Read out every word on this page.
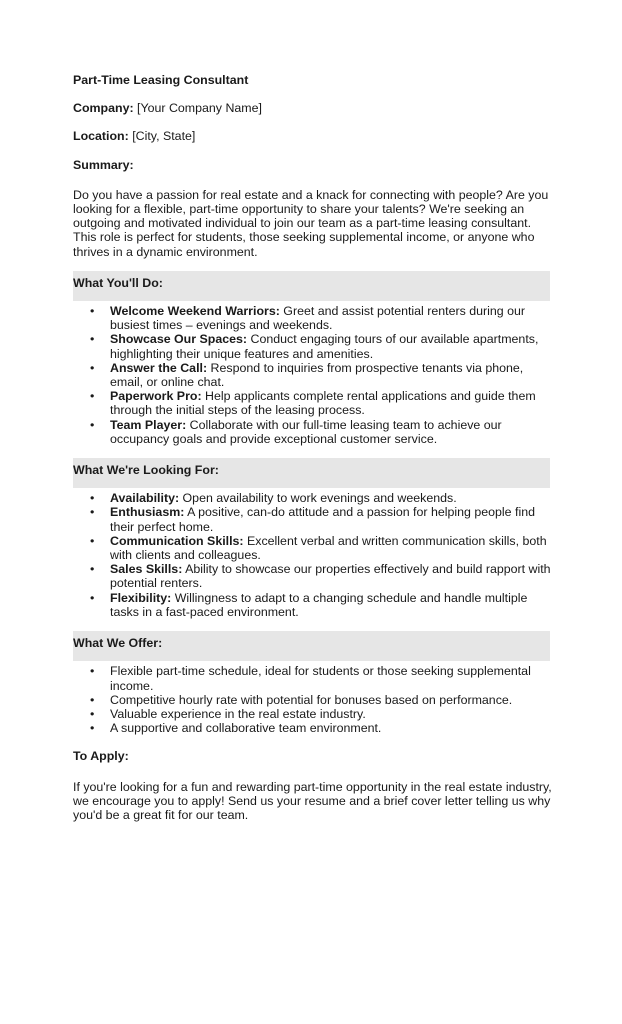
Part-Time Leasing Consultant
Company: [Your Company Name]
Location: [City, State]
Summary:
Do you have a passion for real estate and a knack for connecting with people? Are you looking for a flexible, part-time opportunity to share your talents? We're seeking an outgoing and motivated individual to join our team as a part-time leasing consultant. This role is perfect for students, those seeking supplemental income, or anyone who thrives in a dynamic environment.
What You'll Do:
• Welcome Weekend Warriors: Greet and assist potential renters during our busiest times – evenings and weekends.
• Showcase Our Spaces: Conduct engaging tours of our available apartments, highlighting their unique features and amenities.
• Answer the Call: Respond to inquiries from prospective tenants via phone, email, or online chat.
• Paperwork Pro: Help applicants complete rental applications and guide them through the initial steps of the leasing process.
• Team Player: Collaborate with our full-time leasing team to achieve our occupancy goals and provide exceptional customer service.
What We're Looking For:
• Availability: Open availability to work evenings and weekends.
• Enthusiasm: A positive, can-do attitude and a passion for helping people find their perfect home.
• Communication Skills: Excellent verbal and written communication skills, both with clients and colleagues.
• Sales Skills: Ability to showcase our properties effectively and build rapport with potential renters.
• Flexibility: Willingness to adapt to a changing schedule and handle multiple tasks in a fast-paced environment.
What We Offer:
• Flexible part-time schedule, ideal for students or those seeking supplemental income.
• Competitive hourly rate with potential for bonuses based on performance.
• Valuable experience in the real estate industry.
• A supportive and collaborative team environment.
To Apply:
If you're looking for a fun and rewarding part-time opportunity in the real estate industry, we encourage you to apply! Send us your resume and a brief cover letter telling us why you'd be a great fit for our team.
